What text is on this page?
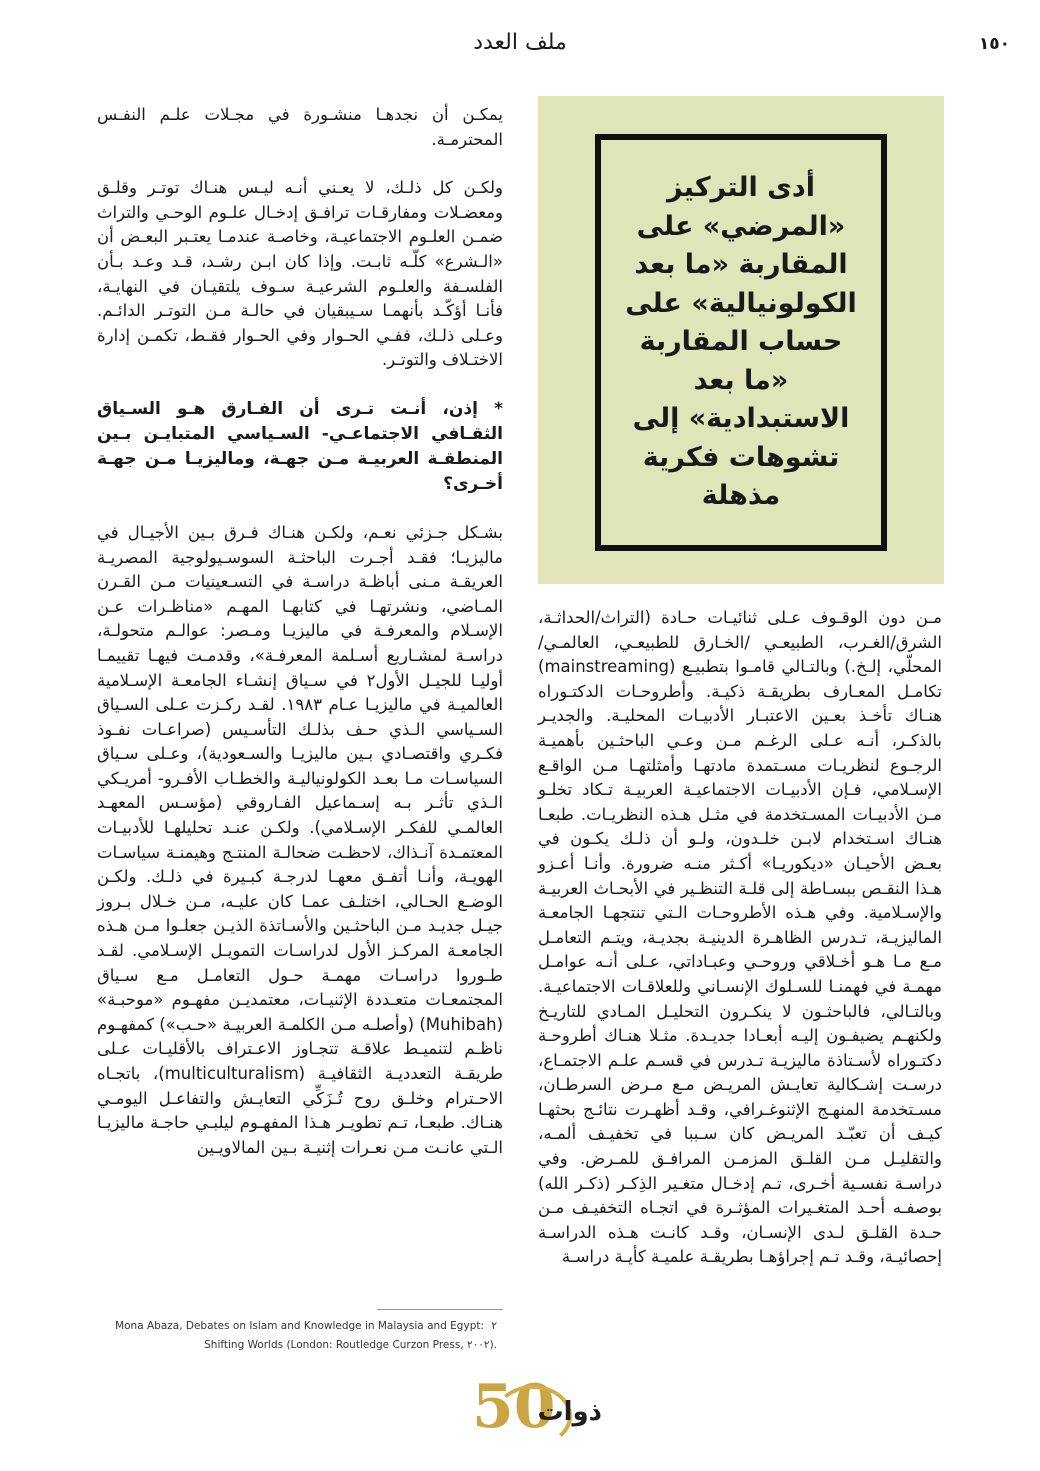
ملف العدد	١٥٠
أدى التركيز «المرضي» على المقاربة «ما بعد الكولونيالية» على حساب المقاربة «ما بعد الاستبدادية» إلى تشوهات فكرية مذهلة

يمكـن أن نجدهـا منشـورة في مجـلات علـم النفـس المحترمـة.

ولكـن كل ذلـك، لا يعـني أنـه ليـس هنـاك توتـر وقلـق ومعضـلات ومفارقـات ترافـق إدخـال علـوم الوحـي والتراث ضمـن العلـوم الاجتماعيـة، وخاصـة عندمـا يعتـبر البعـض أن «الـشرع» كلّـه ثابـت. وإذا كان ابـن رشـد، قـد وعـد بـأن الفلسـفة والعلـوم الشرعيـة سـوف يلتقيـان في النهايـة، فأنـا أؤكّـد بأنهمـا سـيبقيان في حالـة مـن التوتـر الدائـم. وعـلى ذلـك، ففـي الحـوار وفي الحـوار فقـط، تكمـن إدارة الاختـلاف والتوتـر.

* إذن، أنـت تـرى أن الفـارق هـو السـياق الثقـافي الاجتماعـي- السـياسي المتبايـن بـين المنطقـة العربيـة مـن جهـة، وماليزيـا مـن جهـة أخـرى؟

بشـكل جـزئي نعـم، ولكـن هنـاك فـرق بـين الأجيـال في ماليزيـا؛ فقـد أجـرت الباحثـة السوسـيولوجية المصريـة العريقـة مـنى أباظـة دراسـة في التسـعينيات مـن القـرن المـاضي، ونشرتهـا في كتابهـا المهـم «مناظـرات عـن الإسـلام والمعرفـة في ماليزيـا ومـصر: عوالـم متحولـة، دراسـة لمشـاريع أسـلمة المعرفـة»، وقدمـت فيهـا تقييمـا أوليـا للجيـل الأول٢ في سـياق إنشـاء الجامعـة الإسـلامية العالميـة في ماليزيـا عـام ١٩٨٣. لقـد ركـزت عـلى السـياق السـياسي الـذي حـف بذلـك التأسـيس (صراعـات نفـوذ فكـري واقتصـادي بـين ماليزيـا والسـعودية)، وعـلى سـياق السياسـات مـا بعـد الكولونياليـة والخطـاب الأفـرو- أمريـكي الـذي تأثـر بـه إسـماعيل الفـاروقي (مؤسـس المعهـد العالمـي للفكـر الإسـلامي). ولكـن عنـد تحليلهـا للأدبيـات المعتمـدة آنـذاك، لاحظـت ضحالـة المنتـج وهيمنـة سياسـات الهويـة، وأنـا أتفـق معهـا لدرجـة كبـيرة في ذلـك. ولكـن الوضـع الحـالي، اختلـف عمـا كان عليـه، مـن خـلال بـروز جيـل جديـد مـن الباحثـين والأسـاتذة الذيـن جعلـوا مـن هـذه الجامعـة المركـز الأول لدراسـات التمويـل الإسـلامي. لقـد طـوروا دراسـات مهمـة حـول التعامـل مـع سـياق المجتمعـات متعـددة الإثنيـات، معتمديـن مفهـوم «موحبـة» (Muhibah) (وأصلـه مـن الكلمـة العربيـة «حـب») كمفهـوم ناظـم لتنميـط علاقـة تتجـاوز الاعـتراف بالأقليـات عـلى طريقـة التعدديـة الثقافيـة (multiculturalism)، باتجـاه الاحـترام وخلـق روح تُـزَكِّي التعايـش والتفاعـل اليومـي هنـاك. طبعـا، تـم تطويـر هـذا المفهـوم ليلبـي حاجـة ماليزيـا الـتي عانـت مـن نعـرات إثنيـة بـين المالاويـين

مـن دون الوقـوف عـلى ثنائيـات حـادة (التراث/الحداثـة، الشرق/الغـرب، الطبيعـي /الخـارق للطبيعـي، العالمـي/ المحلّي، إلـخ.) وبالتـالي قامـوا بتطبيـع (mainstreaming) تكامـل المعـارف بطريقـة ذكيـة. وأطروحـات الدكتـوراه هنـاك تأخـذ بعـين الاعتبـار الأدبيـات المحليـة. والجديـر بالذكـر، أنـه عـلى الرغـم مـن وعـي الباحثـين بأهميـة الرجـوع لنظريـات مسـتمدة مادتهـا وأمثلتهـا مـن الواقـع الإسـلامي، فـإن الأدبيـات الاجتماعيـة العربيـة تـكاد تخلـو مـن الأدبيـات المسـتخدمة في مثـل هـذه النظريـات. طبعـا هنـاك اسـتخدام لابـن خلـدون، ولـو أن ذلـك يكـون في بعـض الأحيـان «ديكوريـا» أكـثر منـه ضرورة. وأنـا أعـزو هـذا النقـص ببسـاطة إلى قلـة التنظـير في الأبحـاث العربيـة والإسـلامية. وفي هـذه الأطروحـات الـتي تنتجهـا الجامعـة الماليزيـة، تـدرس الظاهـرة الدينيـة بجديـة، ويتـم التعامـل مـع مـا هـو أخـلاقي وروحـي وعبـاداتي، عـلى أنـه عوامـل مهمـة في فهمنـا للسـلوك الإنسـاني وللعلاقـات الاجتماعيـة. وبالتـالي، فالباحثـون لا ينكـرون التحليـل المـادي للتاريـخ ولكنهـم يضيفـون إليـه أبعـادا جديـدة. مثـلا هنـاك أطروحـة دكتـوراه لأسـتاذة ماليزيـة تـدرس في قسـم علـم الاجتمـاع، درسـت إشـكالية تعايـش المريـض مـع مـرض السرطـان، مسـتخدمة المنهـج الإثنوغـرافي، وقـد أظهـرت نتائـج بحثهـا كيـف أن تعبّـد المريـض كان سـببا في تخفيـف ألمـه، والتقليـل مـن القلـق المزمـن المرافـق للمـرض. وفي دراسـة نفسـية أخـرى، تـم إدخـال متغـير الذِكـر (ذكـر الله) بوصفـه أحـد المتغـيرات المؤثـرة في اتجـاه التخفيـف مـن حـدة القلـق لـدى الإنسـان، وقـد كانـت هـذه الدراسـة إحصائيـة، وقـد تـم إجراؤهـا بطريقـة علميـة كأيـة دراسـة

٢ Mona Abaza, Debates on Islam and Knowledge in Malaysia and Egypt: Shifting Worlds (London: Routledge Curzon Press, ٢٠٠٢).
50
ذوات
